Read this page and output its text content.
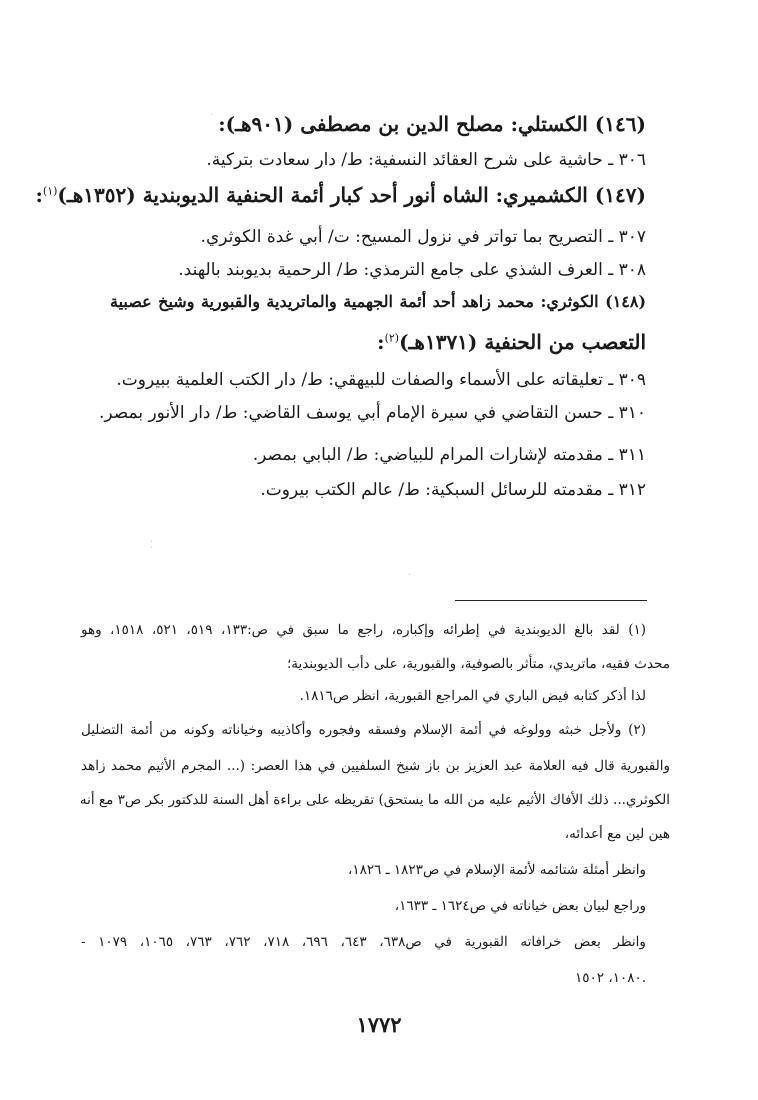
(١٤٦) الكستلي: مصلح الدين بن مصطفى (٩٠١هـ):
٣٠٦ ـ حاشية على شرح العقائد النسفية: ط/ دار سعادت بتركية.
(١٤٧) الكشميري: الشاه أنور أحد كبار أئمة الحنفية الديوبندية (١٣٥٢هـ)$^{(١)}$:
٣٠٧ ـ التصريح بما تواتر في نزول المسيح: ت/ أبي غدة الكوثري.
٣٠٨ ـ العرف الشذي على جامع الترمذي: ط/ الرحمية بديوبند بالهند.
(١٤٨) الكوثري: محمد زاهد أحد أئمة الجهمية والماتريدية والقبورية وشيخ عصبية
التعصب من الحنفية (١٣٧١هـ)$^{(٢)}$:
٣٠٩ ـ تعليقاته على الأسماء والصفات للبيهقي: ط/ دار الكتب العلمية ببيروت.
٣١٠ ـ حسن التقاضي في سيرة الإمام أبي يوسف القاضي: ط/ دار الأنور بمصر.
٣١١ ـ مقدمته لإشارات المرام للبياضي: ط/ البابي بمصر.
٣١٢ ـ مقدمته للرسائل السبكية: ط/ عالم الكتب بيروت.
⁚
·
·
(١) لقد بالغ الديوبندية في إطرائه وإكباره، راجع ما سبق في ص:١٣٣، ٥١٩، ٥٢١، ١٥١٨، وهو
محدث فقيه، ماتريدي، متأثر بالصوفية، والقبورية، على دأب الديوبندية؛
لذا أذكر كتابه فيض الباري في المراجع القبورية، انظر ص١٨١٦.
(٢) ولأجل خبثه وولوغه في أئمة الإسلام وفسقه وفجوره وأكاذيبه وخياناته وكونه من أئمة التضليل
والقبورية قال فيه العلامة عبد العزيز بن باز شيخ السلفيين في هذا العصر: (... المجرم الأثيم محمد زاهد
الكوثري... ذلك الأفاك الأثيم عليه من الله ما يستحق) تقريظه على براءة أهل السنة للدكتور بكر ص٣ مع أنه
هين لين مع أعدائه،
وانظر أمثلة شتائمه لأئمة الإسلام في ص١٨٢٣ ـ ١٨٢٦،
وراجع لبيان بعض خياناته في ص١٦٢٤ ـ ١٦٣٣،
وانظر بعض خرافاته القبورية في ص٦٣٨، ٦٤٣، ٦٩٦، ٧١٨، ٧٦٢، ٧٦٣، ١٠٦٥، ١٠٧٩ -
١٠٨٠، ١٥٠٢.
١٧٧٢
